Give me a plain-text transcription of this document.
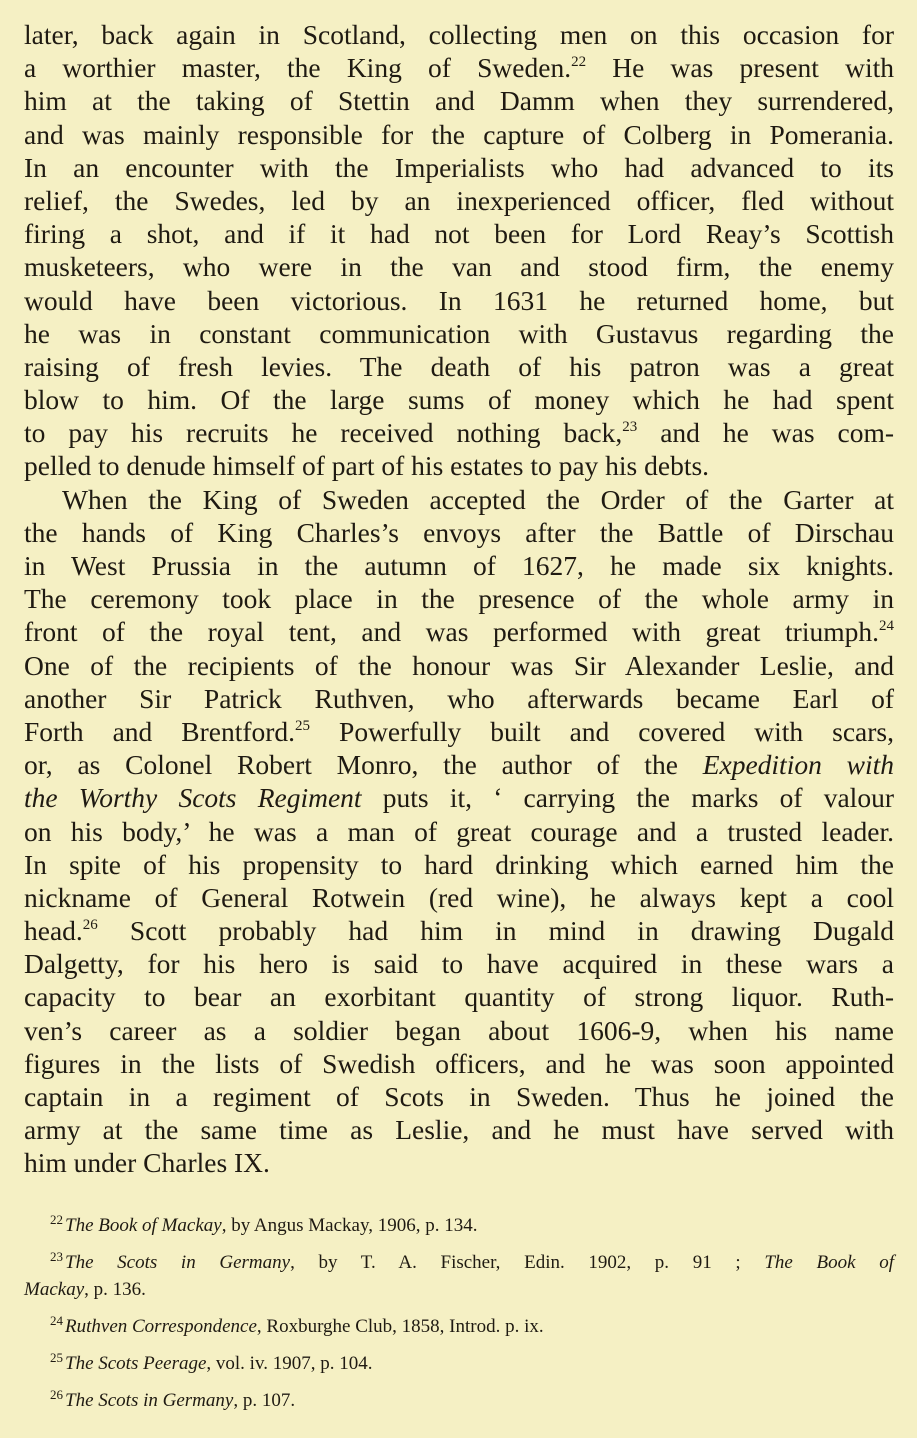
later, back again in Scotland, collecting men on this occasion for
a worthier master, the King of Sweden.$^{22}$ He was present with
him at the taking of Stettin and Damm when they surrendered,
and was mainly responsible for the capture of Colberg in Pomerania.
In an encounter with the Imperialists who had advanced to its
relief, the Swedes, led by an inexperienced officer, fled without
firing a shot, and if it had not been for Lord Reay’s Scottish
musketeers, who were in the van and stood firm, the enemy
would have been victorious. In 1631 he returned home, but
he was in constant communication with Gustavus regarding the
raising of fresh levies. The death of his patron was a great
blow to him. Of the large sums of money which he had spent
to pay his recruits he received nothing back,$^{23}$ and he was com-
pelled to denude himself of part of his estates to pay his debts.
When the King of Sweden accepted the Order of the Garter at
the hands of King Charles’s envoys after the Battle of Dirschau
in West Prussia in the autumn of 1627, he made six knights.
The ceremony took place in the presence of the whole army in
front of the royal tent, and was performed with great triumph.$^{24}$
One of the recipients of the honour was Sir Alexander Leslie, and
another Sir Patrick Ruthven, who afterwards became Earl of
Forth and Brentford.$^{25}$ Powerfully built and covered with scars,
or, as Colonel Robert Monro, the author of the Expedition with
the Worthy Scots Regiment puts it, ‘ carrying the marks of valour
on his body,’ he was a man of great courage and a trusted leader.
In spite of his propensity to hard drinking which earned him the
nickname of General Rotwein (red wine), he always kept a cool
head.$^{26}$ Scott probably had him in mind in drawing Dugald
Dalgetty, for his hero is said to have acquired in these wars a
capacity to bear an exorbitant quantity of strong liquor. Ruth-
ven’s career as a soldier began about 1606-9, when his name
figures in the lists of Swedish officers, and he was soon appointed
captain in a regiment of Scots in Sweden. Thus he joined the
army at the same time as Leslie, and he must have served with
him under Charles IX.
$^{22}$ The Book of Mackay, by Angus Mackay, 1906, p. 134.
$^{23}$ The Scots in Germany, by T. A. Fischer, Edin. 1902, p. 91 ; The Book of
Mackay, p. 136.
$^{24}$ Ruthven Correspondence, Roxburghe Club, 1858, Introd. p. ix.
$^{25}$ The Scots Peerage, vol. iv. 1907, p. 104.
$^{26}$ The Scots in Germany, p. 107.
